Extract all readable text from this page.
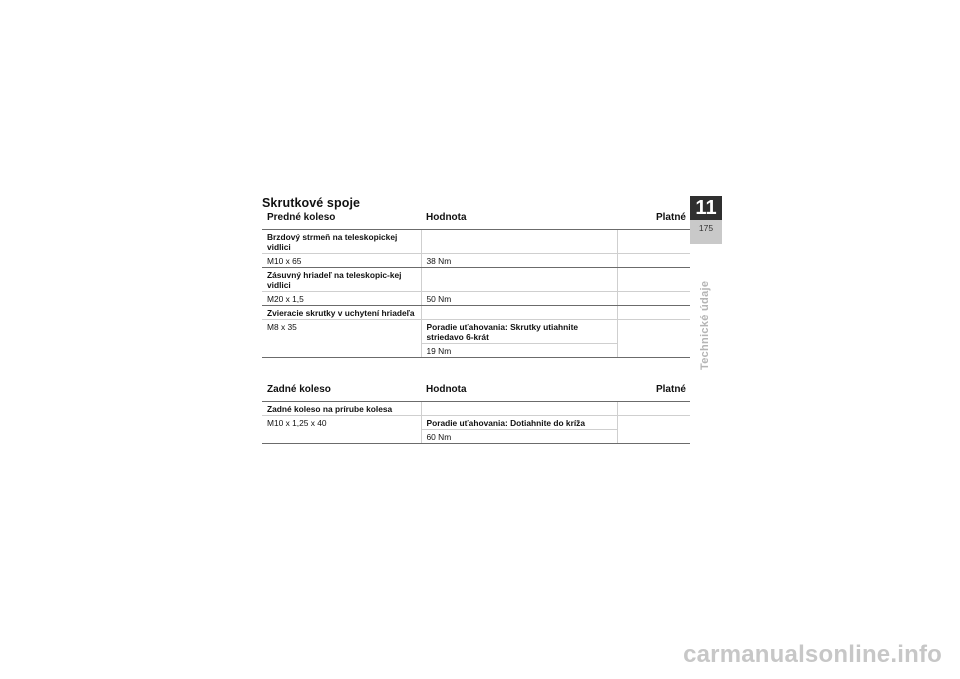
Skrutkové spoje
Predné koleso	Hodnota	Platné
Brzdový strmeň na teleskopickej vidlici		
M10 x 65	38 Nm	
Zásuvný hriadeľ na teleskopic-kej vidlici		
M20 x 1,5	50 Nm	
Zvieracie skrutky v uchytení hriadeľa		
M8 x 35	Poradie uťahovania: Skrutky utiahnite striedavo 6-krát	
	19 Nm	
Zadné koleso	Hodnota	Platné
Zadné koleso na prírube kolesa		
M10 x 1,25 x 40	Poradie uťahovania: Dotiahnite do kríža	
	60 Nm	
11
175
Technické údaje
carmanualsonline.info
